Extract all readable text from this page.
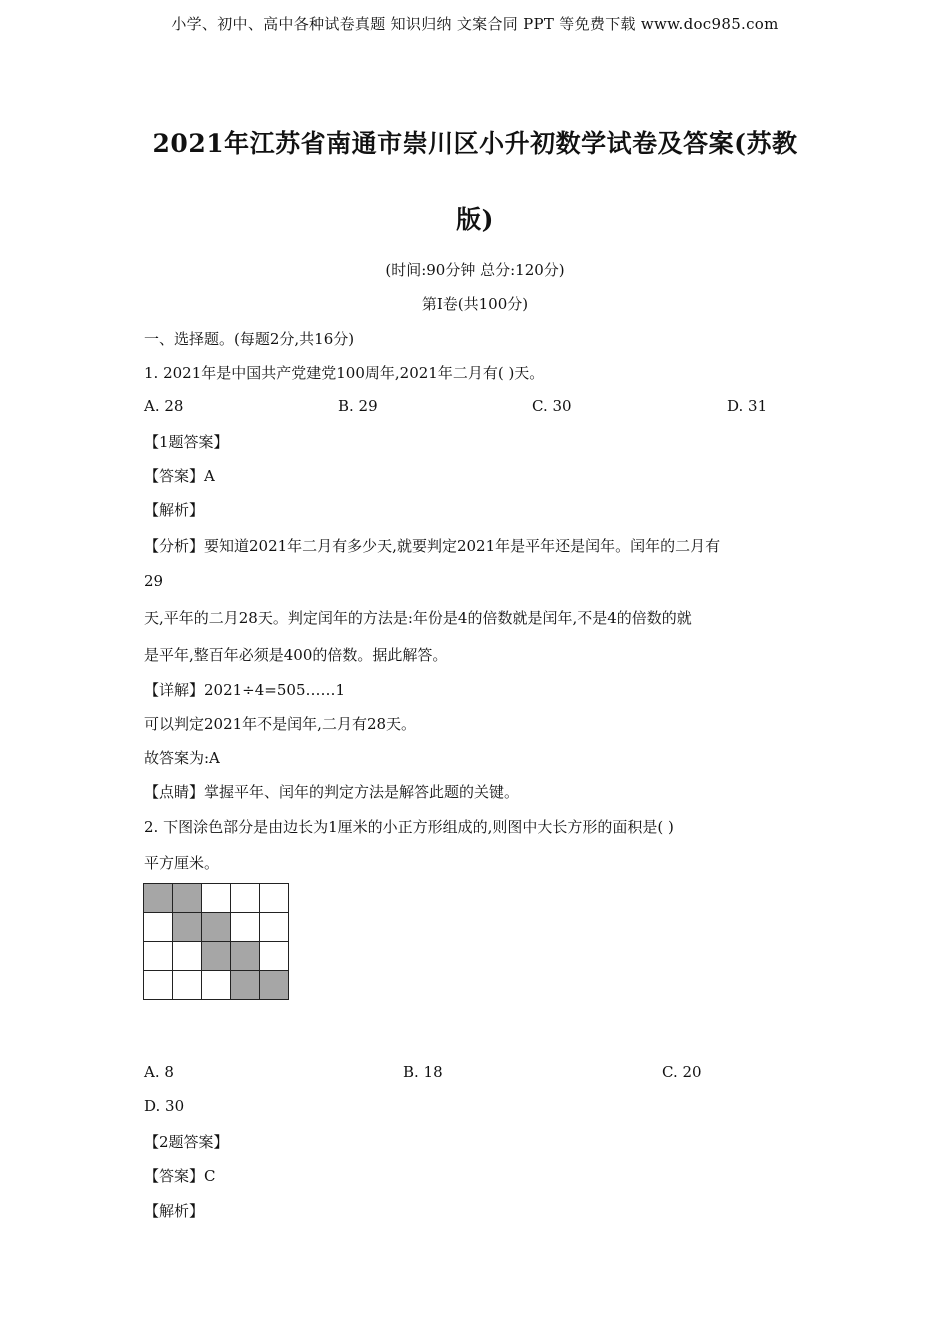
小学、初中、高中各种试卷真题 知识归纳 文案合同 PPT 等免费下载 www.doc985.com
2021年江苏省南通市崇川区小升初数学试卷及答案(苏教
版)
(时间:90分钟 总分:120分)
第Ⅰ卷(共100分)
一、选择题。(每题2分,共16分)
1. 2021年是中国共产党建党100周年,2021年二月有( )天。
A. 28	B. 29	C. 30	D. 31
【1题答案】
【答案】A
【解析】
【分析】要知道2021年二月有多少天,就要判定2021年是平年还是闰年。闰年的二月有
29
天,平年的二月28天。判定闰年的方法是:年份是4的倍数就是闰年,不是4的倍数的就
是平年,整百年必须是400的倍数。据此解答。
【详解】2021÷4=505……1
可以判定2021年不是闰年,二月有28天。
故答案为:A
【点睛】掌握平年、闰年的判定方法是解答此题的关键。
2. 下图涂色部分是由边长为1厘米的小正方形组成的,则图中大长方形的面积是( )
平方厘米。

A. 8	B. 18	C. 20
D. 30
【2题答案】
【答案】C
【解析】
